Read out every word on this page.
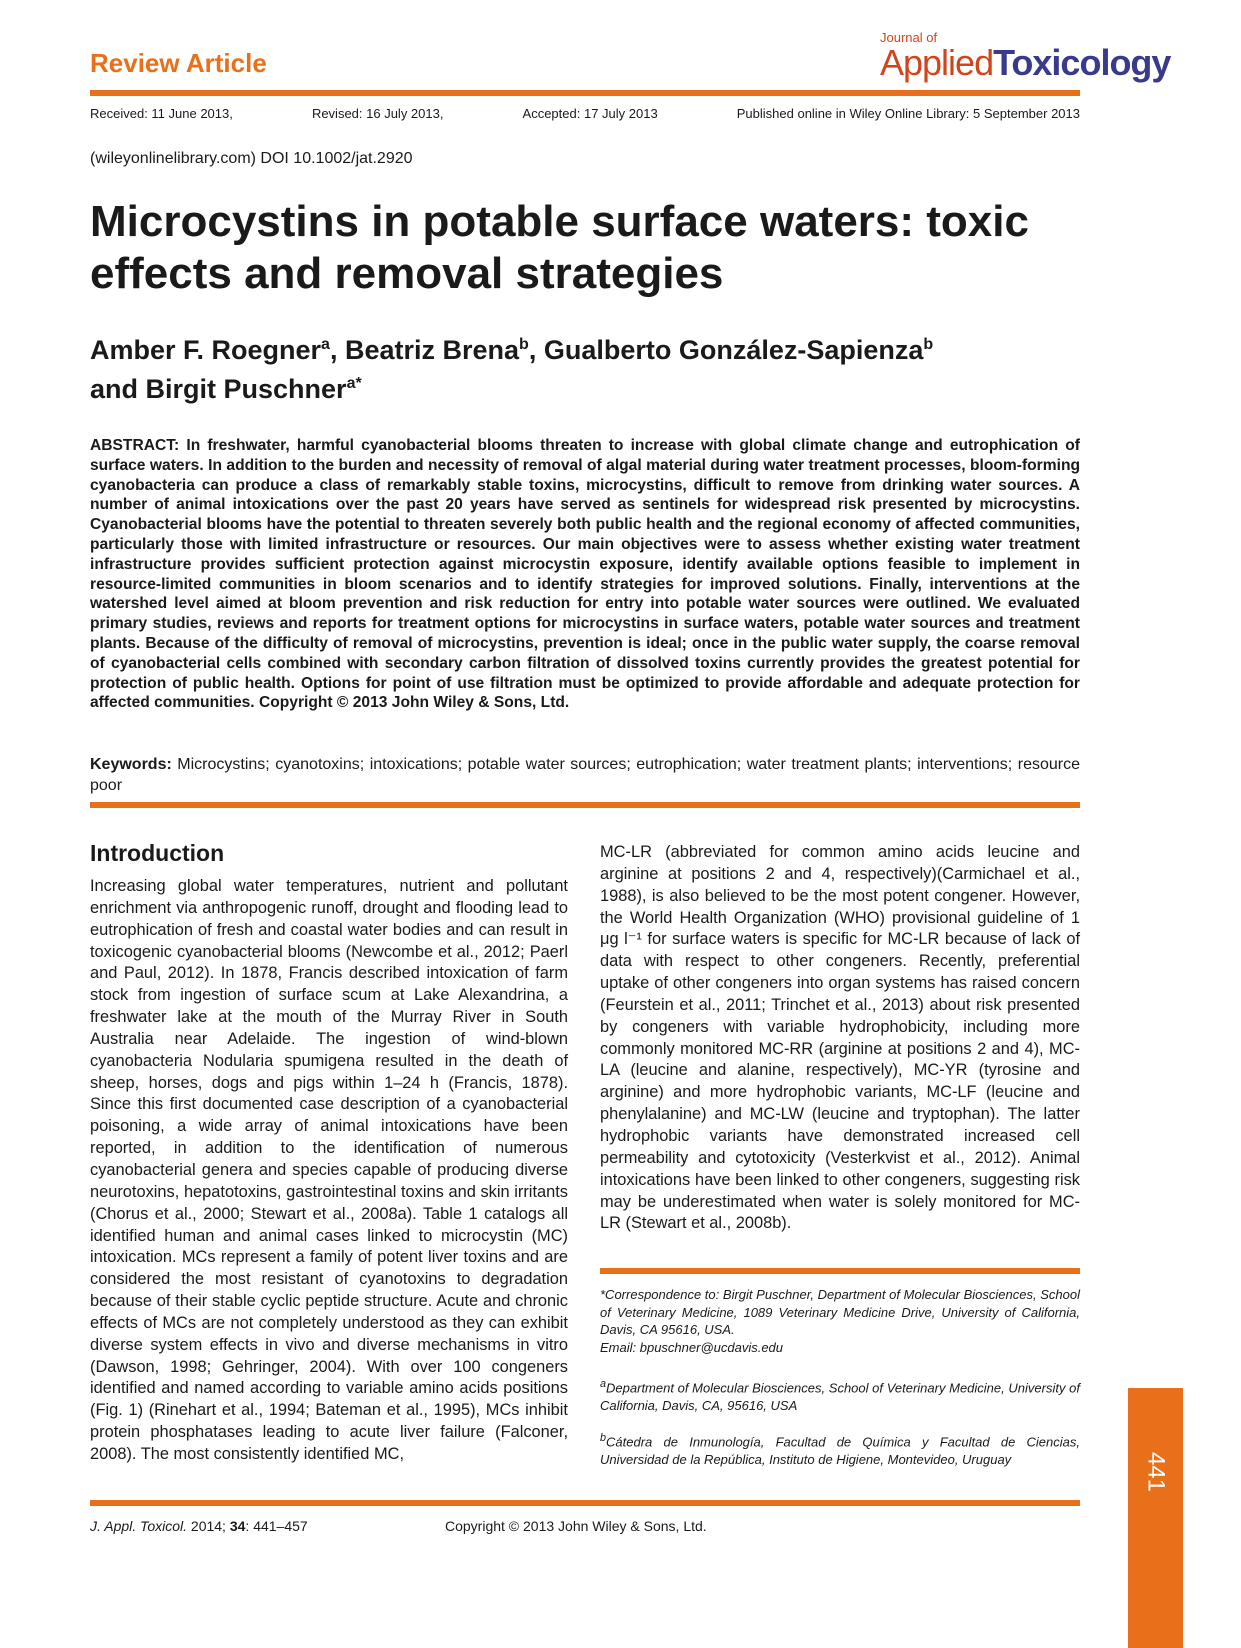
Review Article
Journal of
AppliedToxicology
Received: 11 June 2013,	Revised: 16 July 2013,	Accepted: 17 July 2013	Published online in Wiley Online Library: 5 September 2013
(wileyonlinelibrary.com) DOI 10.1002/jat.2920
Microcystins in potable surface waters: toxic effects and removal strategies
Amber F. Roegner$^a$, Beatriz Brena$^b$, Gualberto González-Sapienza$^b$
and Birgit Puschner$^{a*}$
ABSTRACT: In freshwater, harmful cyanobacterial blooms threaten to increase with global climate change and eutrophication of surface waters. In addition to the burden and necessity of removal of algal material during water treatment processes, bloom-forming cyanobacteria can produce a class of remarkably stable toxins, microcystins, difficult to remove from drinking water sources. A number of animal intoxications over the past 20 years have served as sentinels for widespread risk presented by microcystins. Cyanobacterial blooms have the potential to threaten severely both public health and the regional economy of affected communities, particularly those with limited infrastructure or resources. Our main objectives were to assess whether existing water treatment infrastructure provides sufficient protection against microcystin exposure, identify available options feasible to implement in resource-limited communities in bloom scenarios and to identify strategies for improved solutions. Finally, interventions at the watershed level aimed at bloom prevention and risk reduction for entry into potable water sources were outlined. We evaluated primary studies, reviews and reports for treatment options for microcystins in surface waters, potable water sources and treatment plants. Because of the difficulty of removal of microcystins, prevention is ideal; once in the public water supply, the coarse removal of cyanobacterial cells combined with secondary carbon filtration of dissolved toxins currently provides the greatest potential for protection of public health. Options for point of use filtration must be optimized to provide affordable and adequate protection for affected communities. Copyright © 2013 John Wiley & Sons, Ltd.
Keywords: Microcystins; cyanotoxins; intoxications; potable water sources; eutrophication; water treatment plants; interventions; resource poor
Introduction
Increasing global water temperatures, nutrient and pollutant enrichment via anthropogenic runoff, drought and flooding lead to eutrophication of fresh and coastal water bodies and can result in toxicogenic cyanobacterial blooms (Newcombe et al., 2012; Paerl and Paul, 2012). In 1878, Francis described intoxication of farm stock from ingestion of surface scum at Lake Alexandrina, a freshwater lake at the mouth of the Murray River in South Australia near Adelaide. The ingestion of wind-blown cyanobacteria Nodularia spumigena resulted in the death of sheep, horses, dogs and pigs within 1–24 h (Francis, 1878). Since this first documented case description of a cyanobacterial poisoning, a wide array of animal intoxications have been reported, in addition to the identification of numerous cyanobacterial genera and species capable of producing diverse neurotoxins, hepatotoxins, gastrointestinal toxins and skin irritants (Chorus et al., 2000; Stewart et al., 2008a). Table 1 catalogs all identified human and animal cases linked to microcystin (MC) intoxication. MCs represent a family of potent liver toxins and are considered the most resistant of cyanotoxins to degradation because of their stable cyclic peptide structure. Acute and chronic effects of MCs are not completely understood as they can exhibit diverse system effects in vivo and diverse mechanisms in vitro (Dawson, 1998; Gehringer, 2004). With over 100 congeners identified and named according to variable amino acids positions (Fig. 1) (Rinehart et al., 1994; Bateman et al., 1995), MCs inhibit protein phosphatases leading to acute liver failure (Falconer, 2008). The most consistently identified MC,
MC-LR (abbreviated for common amino acids leucine and arginine at positions 2 and 4, respectively)(Carmichael et al., 1988), is also believed to be the most potent congener. However, the World Health Organization (WHO) provisional guideline of 1 μg l⁻¹ for surface waters is specific for MC-LR because of lack of data with respect to other congeners. Recently, preferential uptake of other congeners into organ systems has raised concern (Feurstein et al., 2011; Trinchet et al., 2013) about risk presented by congeners with variable hydrophobicity, including more commonly monitored MC-RR (arginine at positions 2 and 4), MC-LA (leucine and alanine, respectively), MC-YR (tyrosine and arginine) and more hydrophobic variants, MC-LF (leucine and phenylalanine) and MC-LW (leucine and tryptophan). The latter hydrophobic variants have demonstrated increased cell permeability and cytotoxicity (Vesterkvist et al., 2012). Animal intoxications have been linked to other congeners, suggesting risk may be underestimated when water is solely monitored for MC-LR (Stewart et al., 2008b).
*Correspondence to: Birgit Puschner, Department of Molecular Biosciences, School of Veterinary Medicine, 1089 Veterinary Medicine Drive, University of California, Davis, CA 95616, USA.
Email: bpuschner@ucdavis.edu
$^a$Department of Molecular Biosciences, School of Veterinary Medicine, University of California, Davis, CA, 95616, USA
$^b$Cátedra de Inmunología, Facultad de Química y Facultad de Ciencias, Universidad de la República, Instituto de Higiene, Montevideo, Uruguay
J. Appl. Toxicol. 2014; 34: 441–457	Copyright © 2013 John Wiley & Sons, Ltd.
441
